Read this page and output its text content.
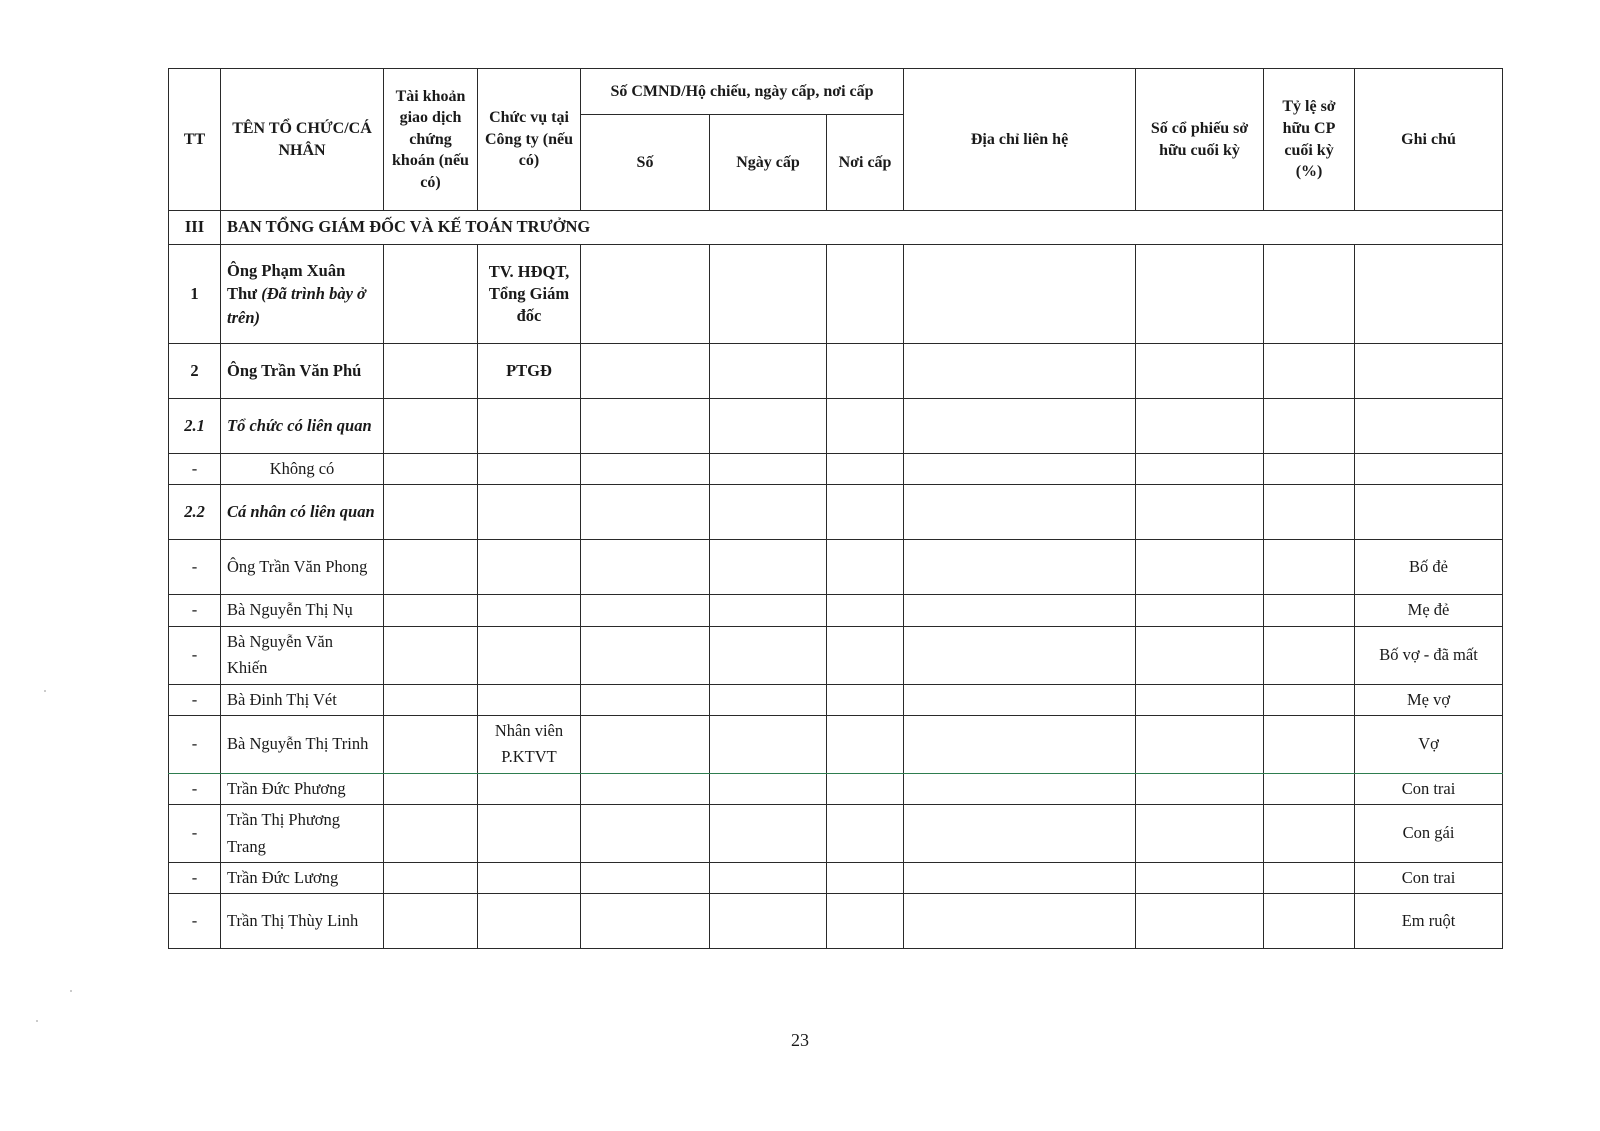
TT	TÊN TỔ CHỨC/CÁ NHÂN	Tài khoản giao dịch chứng khoán (nếu có)	Chức vụ tại Công ty (nếu có)	Số CMND/Hộ chiếu, ngày cấp, nơi cấp			Địa chỉ liên hệ	Số cổ phiếu sở hữu cuối kỳ	Tỷ lệ sở hữu CP cuối kỳ (%)	Ghi chú
				Số	Ngày cấp	Nơi cấp				
III	BAN TỔNG GIÁM ĐỐC VÀ KẾ TOÁN TRƯỞNG									
1	Ông Phạm Xuân Thư (Đã trình bày ở trên)		TV. HĐQT, Tổng Giám đốc							
2	Ông Trần Văn Phú		PTGĐ							
2.1	Tổ chức có liên quan									
-	Không có									
2.2	Cá nhân có liên quan									
-	Ông Trần Văn Phong									Bố đẻ
-	Bà Nguyễn Thị Nụ									Mẹ đẻ
-	Bà Nguyễn Văn Khiến									Bố vợ - đã mất
-	Bà Đinh Thị Vét									Mẹ vợ
-	Bà Nguyễn Thị Trinh		Nhân viên P.KTVT							Vợ
-	Trần Đức Phương									Con trai
-	Trần Thị Phương Trang									Con gái
-	Trần Đức Lương									Con trai
-	Trần Thị Thùy Linh									Em ruột
23
